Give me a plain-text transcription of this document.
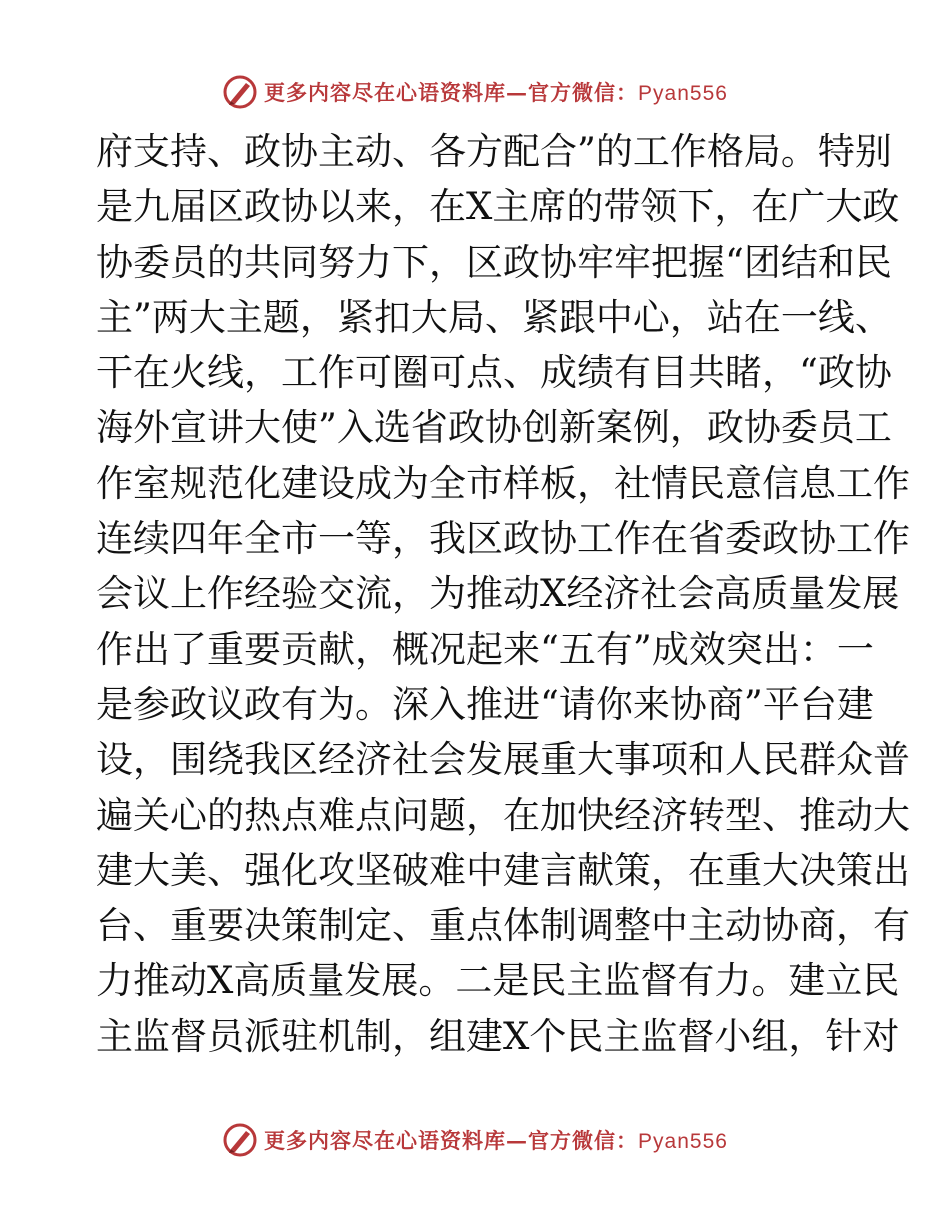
更多内容尽在心语资料库—官方微信：Pyan556
府支持、政协主动、各方配合”的工作格局。特别
是九届区政协以来，在X主席的带领下，在广大政
协委员的共同努力下，区政协牢牢把握“团结和民
主”两大主题，紧扣大局、紧跟中心，站在一线、
干在火线，工作可圈可点、成绩有目共睹，“政协
海外宣讲大使”入选省政协创新案例，政协委员工
作室规范化建设成为全市样板，社情民意信息工作
连续四年全市一等，我区政协工作在省委政协工作
会议上作经验交流，为推动X经济社会高质量发展
作出了重要贡献，概况起来“五有”成效突出：一
是参政议政有为。深入推进“请你来协商”平台建
设，围绕我区经济社会发展重大事项和人民群众普
遍关心的热点难点问题，在加快经济转型、推动大
建大美、强化攻坚破难中建言献策，在重大决策出
台、重要决策制定、重点体制调整中主动协商，有
力推动X高质量发展。二是民主监督有力。建立民
主监督员派驻机制，组建X个民主监督小组，针对
更多内容尽在心语资料库—官方微信：Pyan556
